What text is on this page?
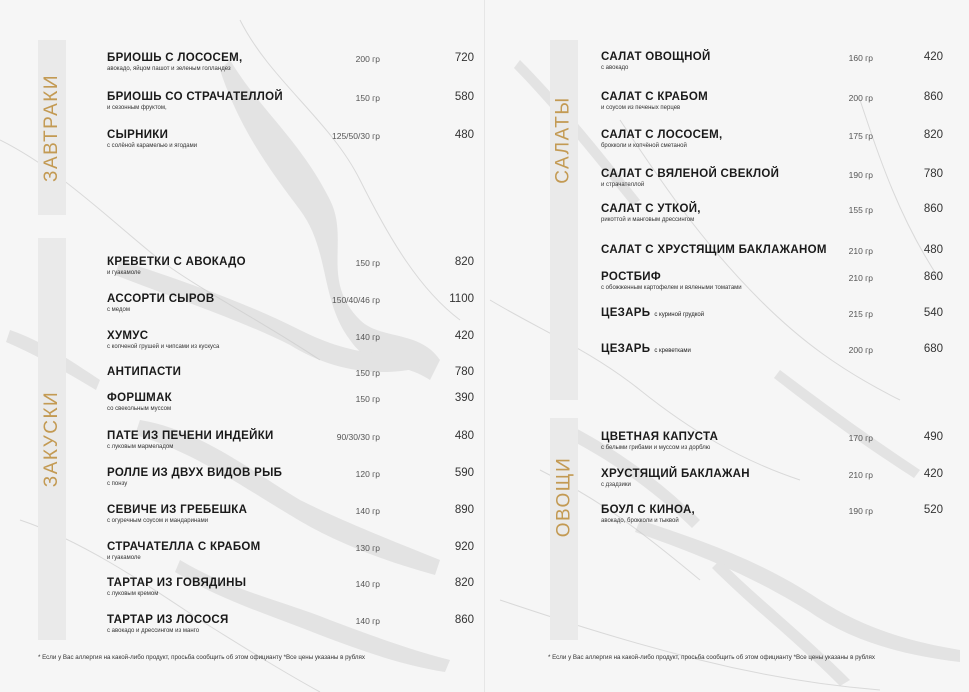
ЗАВТРАКИ
ЗАКУСКИ
БРИОШЬ С ЛОСОСЕМ,
авокадо, яйцом пашот и зеленым голландез
200 гр	720
БРИОШЬ СО СТРАЧАТЕЛЛОЙ
и сезонным фруктом,
150 гр	580
СЫРНИКИ
с солёной карамелью и ягодами
125/50/30 гр	480
КРЕВЕТКИ С АВОКАДО
и гуакамоле
150 гр	820
АССОРТИ СЫРОВ
с медом
150/40/46 гр	1100
ХУМУС
с копченой грушей и чипсами из кускуса
140 гр	420
АНТИПАСТИ	150 гр	780
ФОРШМАК
со свекольным муссом
150 гр	390
ПАТЕ ИЗ ПЕЧЕНИ ИНДЕЙКИ
с луковым мармеладом
90/30/30 гр	480
РОЛЛЕ ИЗ ДВУХ ВИДОВ РЫБ
с понзу
120 гр	590
СЕВИЧЕ ИЗ ГРЕБЕШКА
с огуречным соусом и мандаринами
140 гр	890
СТРАЧАТЕЛЛА С КРАБОМ
и гуакамоле
130 гр	920
ТАРТАР ИЗ ГОВЯДИНЫ
с луковым кремом
140 гр	820
ТАРТАР ИЗ ЛОСОСЯ
с авокадо и дрессингом из манго
140 гр	860
* Если у Вас аллергия на какой-либо продукт, просьба сообщить об этом официанту *Все цены указаны в рублях
САЛАТЫ
ОВОЩИ
САЛАТ ОВОЩНОЙ
с авокадо
160 гр	420
САЛАТ С КРАБОМ
и соусом из печеных перцев
200 гр	860
САЛАТ С ЛОСОСЕМ,
брокколи и копчёной сметаной
175 гр	820
САЛАТ С ВЯЛЕНОЙ СВЕКЛОЙ
и страчателлой
190 гр	780
САЛАТ С УТКОЙ,
рикоттой и манговым дрессингом
155 гр	860
САЛАТ С ХРУСТЯЩИМ БАКЛАЖАНОМ	210 гр	480
РОСТБИФ
с обожженным картофелем и вялеными томатами
210 гр	860
ЦЕЗАРЬ с куриной грудкой	215 гр	540
ЦЕЗАРЬ с креветками	200 гр	680
ЦВЕТНАЯ КАПУСТА
с белыми грибами и муссом из дорблю
170 гр	490
ХРУСТЯЩИЙ БАКЛАЖАН
с дзадзики
210 гр	420
БОУЛ С КИНОА,
авокадо, брокколи и тыквой
190 гр	520
* Если у Вас аллергия на какой-либо продукт, просьба сообщить об этом официанту *Все цены указаны в рублях
